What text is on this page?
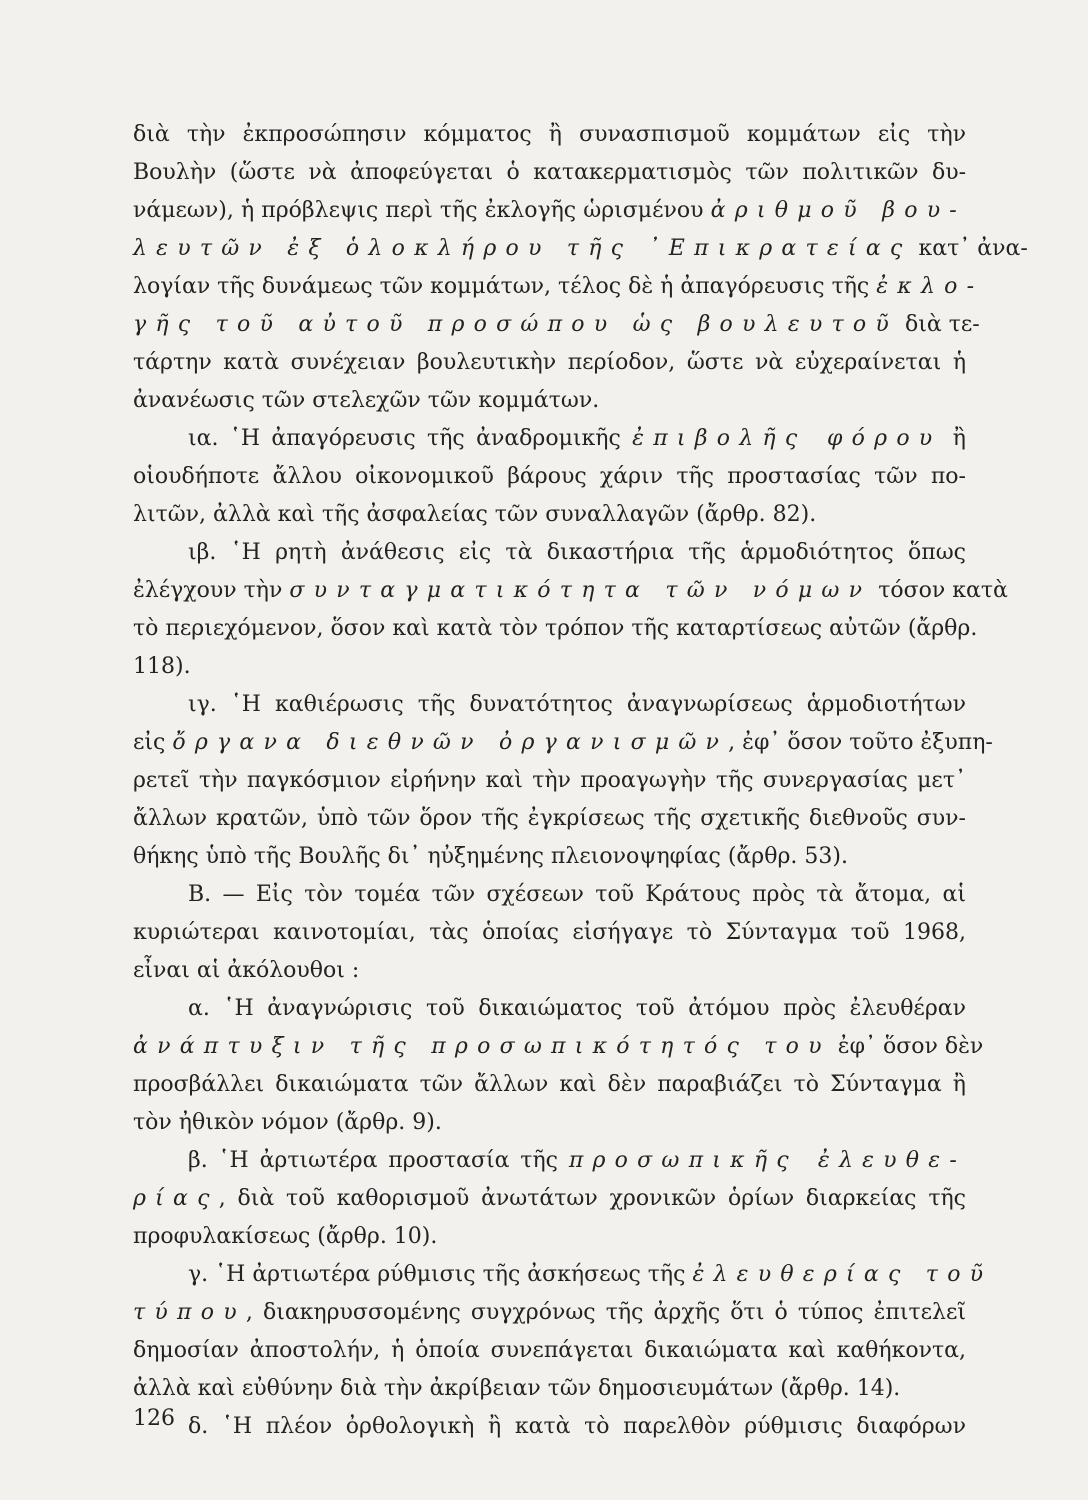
διὰ τὴν ἐκπροσώπησιν κόμματος ἢ συνασπισμοῦ κομμάτων εἰς τὴν
Βουλὴν (ὥστε νὰ ἀποφεύγεται ὁ κατακερματισμὸς τῶν πολιτικῶν δυ-
νάμεων), ἡ πρόβλεψις περὶ τῆς ἐκλογῆς ὡρισμένου ἀριθμοῦ βου-
λευτῶν ἐξ ὁλοκλήρου τῆς ᾿Επικρατείας κατ᾿ ἀνα-
λογίαν τῆς δυνάμεως τῶν κομμάτων, τέλος δὲ ἡ ἀπαγόρευσις τῆς ἐκλο-
γῆς τοῦ αὐτοῦ προσώπου ὡς βουλευτοῦ διὰ τε-
τάρτην κατὰ συνέχειαν βουλευτικὴν περίοδον, ὥστε νὰ εὐχεραίνεται ἡ
ἀνανέωσις τῶν στελεχῶν τῶν κομμάτων.
ια. ῾Η ἀπαγόρευσις τῆς ἀναδρομικῆς ἐπιβολῆς φόρου ἢ
οἱουδήποτε ἄλλου οἰκονομικοῦ βάρους χάριν τῆς προστασίας τῶν πο-
λιτῶν, ἀλλὰ καὶ τῆς ἀσφαλείας τῶν συναλλαγῶν (ἄρθρ. 82).
ιβ. ῾Η ρητὴ ἀνάθεσις εἰς τὰ δικαστήρια τῆς ἁρμοδιότητος ὅπως
ἐλέγχουν τὴν συνταγματικότητα τῶν νόμων τόσον κατὰ
τὸ περιεχόμενον, ὅσον καὶ κατὰ τὸν τρόπον τῆς καταρτίσεως αὐτῶν (ἄρθρ.
118).
ιγ. ῾Η καθιέρωσις τῆς δυνατότητος ἀναγνωρίσεως ἁρμοδιοτήτων
εἰς ὄργανα διεθνῶν ὀργανισμῶν, ἐφ᾿ ὅσον τοῦτο ἐξυπη-
ρετεῖ τὴν παγκόσμιον εἰρήνην καὶ τὴν προαγωγὴν τῆς συνεργασίας μετ᾿
ἄλλων κρατῶν, ὑπὸ τῶν ὅρον τῆς ἐγκρίσεως τῆς σχετικῆς διεθνοῦς συν-
θήκης ὑπὸ τῆς Βουλῆς δι᾿ ηὐξημένης πλειονοψηφίας (ἄρθρ. 53).
Β. — Εἰς τὸν τομέα τῶν σχέσεων τοῦ Κράτους πρὸς τὰ ἄτομα, αἱ
κυριώτεραι καινοτομίαι, τὰς ὁποίας εἰσήγαγε τὸ Σύνταγμα τοῦ 1968,
εἶναι αἱ ἀκόλουθοι :
α. ῾Η ἀναγνώρισις τοῦ δικαιώματος τοῦ ἀτόμου πρὸς ἐλευθέραν
ἀνάπτυξιν τῆς προσωπικότητός του ἐφ᾿ ὅσον δὲν
προσβάλλει δικαιώματα τῶν ἄλλων καὶ δὲν παραβιάζει τὸ Σύνταγμα ἢ
τὸν ἠθικὸν νόμον (ἄρθρ. 9).
β. ῾Η ἀρτιωτέρα προστασία τῆς προσωπικῆς ἐλευθε-
ρίας, διὰ τοῦ καθορισμοῦ ἀνωτάτων χρονικῶν ὁρίων διαρκείας τῆς
προφυλακίσεως (ἄρθρ. 10).
γ. ῾Η ἀρτιωτέρα ρύθμισις τῆς ἀσκήσεως τῆς ἐλευθερίας τοῦ
τύπου, διακηρυσσομένης συγχρόνως τῆς ἀρχῆς ὅτι ὁ τύπος ἐπιτελεῖ
δημοσίαν ἀποστολήν, ἡ ὁποία συνεπάγεται δικαιώματα καὶ καθήκοντα,
ἀλλὰ καὶ εὐθύνην διὰ τὴν ἀκρίβειαν τῶν δημοσιευμάτων (ἄρθρ. 14).
δ. ῾Η πλέον ὀρθολογικὴ ἢ κατὰ τὸ παρελθὸν ρύθμισις διαφόρων
126
